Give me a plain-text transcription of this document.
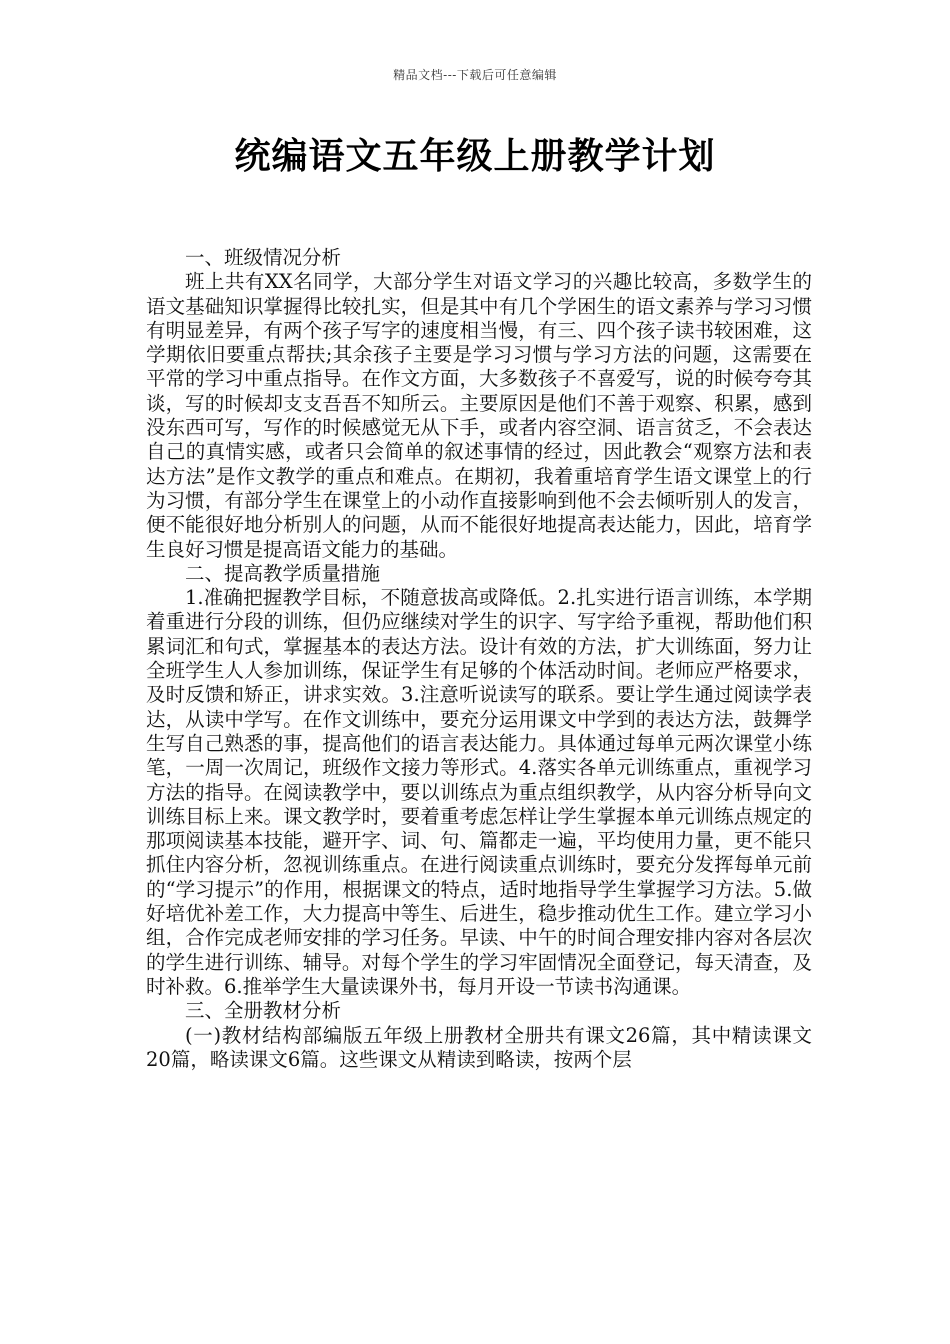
精品文档---下载后可任意编辑
统编语文五年级上册教学计划
一、班级情况分析

班上共有XX名同学，大部分学生对语文学习的兴趣比较高，多数学生的语文基础知识掌握得比较扎实，但是其中有几个学困生的语文素养与学习习惯有明显差异，有两个孩子写字的速度相当慢，有三、四个孩子读书较困难，这学期依旧要重点帮扶;其余孩子主要是学习习惯与学习方法的问题，这需要在平常的学习中重点指导。在作文方面，大多数孩子不喜爱写，说的时候夸夸其谈，写的时候却支支吾吾不知所云。主要原因是他们不善于观察、积累，感到没东西可写，写作的时候感觉无从下手，或者内容空洞、语言贫乏，不会表达自己的真情实感，或者只会简单的叙述事情的经过，因此教会“观察方法和表达方法”是作文教学的重点和难点。在期初，我着重培育学生语文课堂上的行为习惯，有部分学生在课堂上的小动作直接影响到他不会去倾听别人的发言，便不能很好地分析别人的问题，从而不能很好地提高表达能力，因此，培育学生良好习惯是提高语文能力的基础。

二、提高教学质量措施

1.准确把握教学目标，不随意拔高或降低。2.扎实进行语言训练，本学期着重进行分段的训练，但仍应继续对学生的识字、写字给予重视，帮助他们积累词汇和句式，掌握基本的表达方法。设计有效的方法，扩大训练面，努力让全班学生人人参加训练，保证学生有足够的个体活动时间。老师应严格要求，及时反馈和矫正，讲求实效。3.注意听说读写的联系。要让学生通过阅读学表达，从读中学写。在作文训练中，要充分运用课文中学到的表达方法，鼓舞学生写自己熟悉的事，提高他们的语言表达能力。具体通过每单元两次课堂小练笔，一周一次周记，班级作文接力等形式。4.落实各单元训练重点，重视学习方法的指导。在阅读教学中，要以训练点为重点组织教学，从内容分析导向文训练目标上来。课文教学时，要着重考虑怎样让学生掌握本单元训练点规定的那项阅读基本技能，避开字、词、句、篇都走一遍，平均使用力量，更不能只抓住内容分析，忽视训练重点。在进行阅读重点训练时，要充分发挥每单元前的“学习提示”的作用，根据课文的特点，适时地指导学生掌握学习方法。5.做好培优补差工作，大力提高中等生、后进生，稳步推动优生工作。建立学习小组，合作完成老师安排的学习任务。早读、中午的时间合理安排内容对各层次的学生进行训练、辅导。对每个学生的学习牢固情况全面登记，每天清查，及时补救。6.推举学生大量读课外书，每月开设一节读书沟通课。

三、全册教材分析

(一)教材结构部编版五年级上册教材全册共有课文26篇，其中精读课文20篇，略读课文6篇。这些课文从精读到略读，按两个层
